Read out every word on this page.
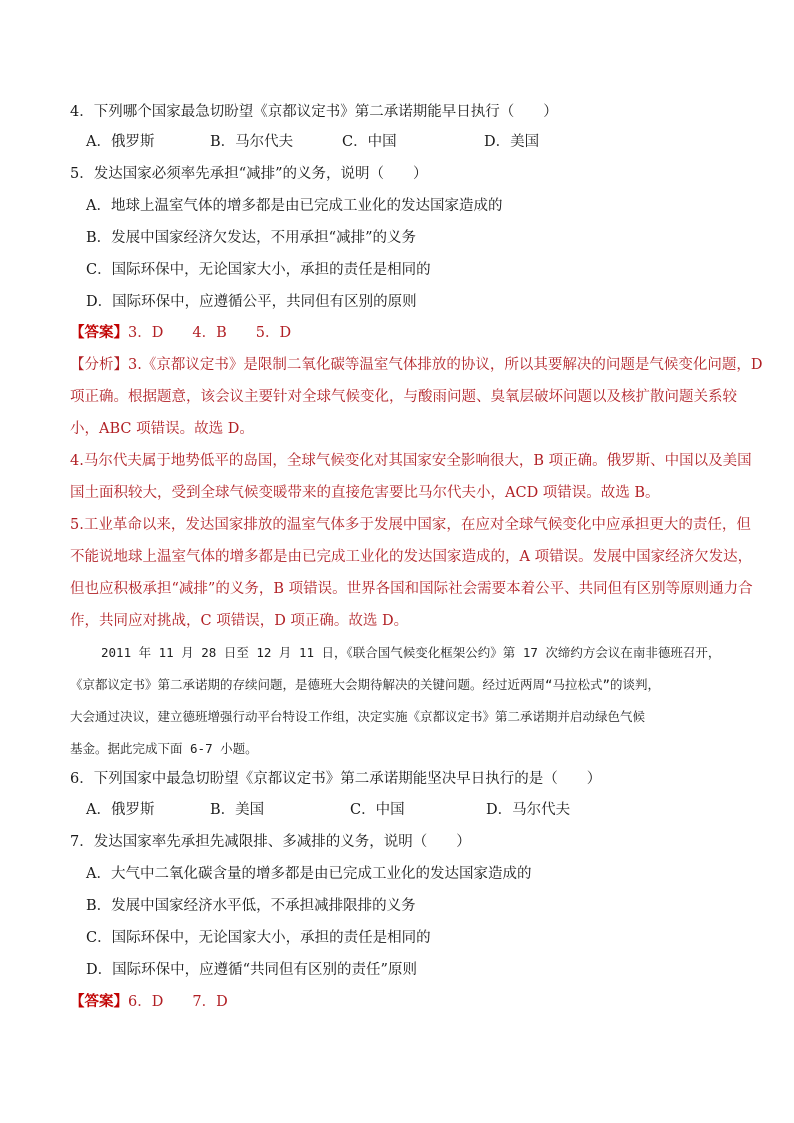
4．下列哪个国家最急切盼望《京都议定书》第二承诺期能早日执行（　　）
A．俄罗斯	B．马尔代夫	C．中国	D．美国
5．发达国家必须率先承担“减排”的义务，说明（　　）
A．地球上温室气体的增多都是由已完成工业化的发达国家造成的
B．发展中国家经济欠发达，不用承担“减排”的义务
C．国际环保中，无论国家大小，承担的责任是相同的
D．国际环保中，应遵循公平，共同但有区别的原则
【答案】3．D　　4．B　　5．D
【分析】3.《京都议定书》是限制二氧化碳等温室气体排放的协议，所以其要解决的问题是气候变化问题，D
项正确。根据题意，该会议主要针对全球气候变化，与酸雨问题、臭氧层破坏问题以及核扩散问题关系较
小，ABC 项错误。故选 D。
4.马尔代夫属于地势低平的岛国，全球气候变化对其国家安全影响很大，B 项正确。俄罗斯、中国以及美国
国土面积较大，受到全球气候变暖带来的直接危害要比马尔代夫小，ACD 项错误。故选 B。
5.工业革命以来，发达国家排放的温室气体多于发展中国家，在应对全球气候变化中应承担更大的责任，但
不能说地球上温室气体的增多都是由已完成工业化的发达国家造成的，A 项错误。发展中国家经济欠发达，
但也应积极承担“减排”的义务，B 项错误。世界各国和国际社会需要本着公平、共同但有区别等原则通力合
作，共同应对挑战，C 项错误，D 项正确。故选 D。
2011 年 11 月 28 日至 12 月 11 日，《联合国气候变化框架公约》第 17 次缔约方会议在南非德班召开，
《京都议定书》第二承诺期的存续问题，是德班大会期待解决的关键问题。经过近两周“马拉松式”的谈判，
大会通过决议，建立德班增强行动平台特设工作组，决定实施《京都议定书》第二承诺期并启动绿色气候
基金。据此完成下面 6-7 小题。
6．下列国家中最急切盼望《京都议定书》第二承诺期能坚决早日执行的是（　　）
A．俄罗斯	B．美国	C．中国	D．马尔代夫
7．发达国家率先承担先减限排、多减排的义务，说明（　　）
A．大气中二氧化碳含量的增多都是由已完成工业化的发达国家造成的
B．发展中国家经济水平低，不承担减排限排的义务
C．国际环保中，无论国家大小，承担的责任是相同的
D．国际环保中，应遵循“共同但有区别的责任”原则
【答案】6．D　　7．D
